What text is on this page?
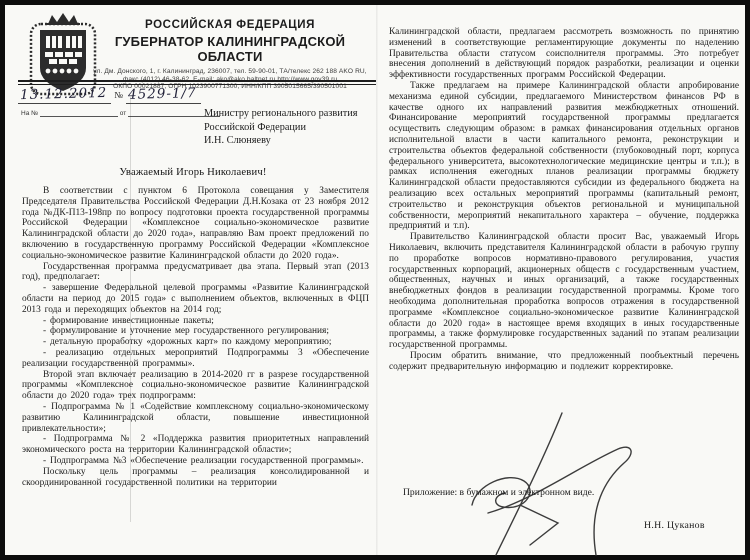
РОССИЙСКАЯ ФЕДЕРАЦИЯ
ГУБЕРНАТОР КАЛИНИНГРАДСКОЙ ОБЛАСТИ
ул. Дм. Донского, 1, г. Калининград, 236007, тел. 59-90-01, ТА/телекс 262 188 AKO RU,
факс (4012) 46-38-62, E-mail: ako@ako.baltnet.ru http://www.gov39.ru
ОКПО 00021887, ОГРН 1023900771300, ИНН/КПП 3905015665/390501001
13.12.2012 № 4529-1/7
На №	от	Министру регионального развития
Российской Федерации
И.Н. Слюняеву
Уважаемый Игорь Николаевич!

В соответствии с пунктом 6 Протокола совещания у Заместителя Председателя Правительства Российской Федерации Д.Н.Козака от 23 ноября 2012 года №ДК-П13-198пр по вопросу подготовки проекта государственной программы Российской Федерации «Комплексное социально-экономическое развитие Калининградской области до 2020 года», направляю Вам проект предложений по включению в государственную программу Российской Федерации «Комплексное социально-экономическое развитие Калининградской области до 2020 года».

Государственная программа предусматривает два этапа. Первый этап (2013 год), предполагает:

- завершение Федеральной целевой программы «Развитие Калининградской области на период до 2015 года» с выполнением объектов, включенных в ФЦП 2013 года и переходящих объектов на 2014 год;

- формирование инвестиционные пакеты;

- формулирование и уточнение мер государственного регулирования;

- детальную проработку «дорожных карт» по каждому мероприятию;

- реализацию отдельных мероприятий Подпрограммы 3 «Обеспечение реализации государственной программы».

Второй этап включает реализацию в 2014-2020 гг в разрезе государственной программы «Комплексное социально-экономическое развитие Калининградской области до 2020 года» трех подпрограмм:

- Подпрограмма № 1 «Содействие комплексному социально-экономическому развитию Калининградской области, повышение инвестиционной привлекательности»;

- Подпрограмма № 2 «Поддержка развития приоритетных направлений экономического роста на территории Калининградской области»;

- Подпрограмма №3 «Обеспечение реализации государственной программы».

Поскольку цель программы – реализация консолидированной и скоординированной государственной политики на территории

Калининградской области, предлагаем рассмотреть возможность по принятию изменений в соответствующие регламентирующие документы по наделению Правительства области статусом соисполнителя программы. Это потребует внесения дополнений в действующий порядок разработки, реализации и оценки эффективности государственных программ Российской Федерации.

Также предлагаем на примере Калининградской области апробирование механизма единой субсидии, предлагаемого Министерством финансов РФ в качестве одного их направлений развития межбюджетных отношений. Финансирование мероприятий государственной программы предлагается осуществить следующим образом: в рамках финансирования отдельных органов исполнительной власти в части капитального ремонта, реконструкции и строительства объектов федеральной собственности (глубоководный порт, корпуса федерального университета, высокотехнологические медицинские центры и т.п.); в рамках исполнения ежегодных планов реализации программы бюджету Калининградской области предоставляются субсидии из федерального бюджета на реализацию всех остальных мероприятий программы (капитальный ремонт, строительство и реконструкция объектов региональной и муниципальной собственности, мероприятий некапитального характера – обучение, поддержка предприятий и т.п).

Правительство Калининградской области просит Вас, уважаемый Игорь Николаевич, включить представителя Калининградской области в рабочую группу по проработке вопросов нормативно-правового регулирования, участия государственных корпораций, акционерных обществ с государственным участием, общественных, научных и иных организаций, а также государственных внебюджетных фондов в реализации государственной программы. Кроме того необходима дополнительная проработка вопросов отражения в государственной программе «Комплексное социально-экономическое развитие Калининградской области до 2020 года» в настоящее время входящих в иных государственные программы, а также формулировке государственных заданий по этапам реализации государственной программы.

Просим обратить внимание, что предложенный пообъектный перечень содержит предварительную информацию и подлежит корректировке.

Приложение: в бумажном и электронном виде.
Н.Н. Цуканов
